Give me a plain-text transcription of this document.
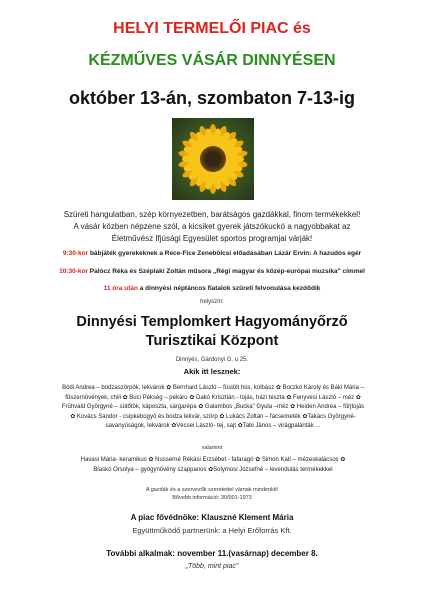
HELYI TERMELŐI PIAC és
KÉZMŰVES VÁSÁR DINNYÉSEN
október 13-án, szombaton 7-13-ig
Szüreti hangulatban, szép környezetben, barátságos gazdákkal, finom termékekkel!
A vásár közben népzene szól, a kicsiket gyerek játszókuckó a nagyobbakat az
Életművész Ifjúsági Egyesület sportos programjai várják!
9:30-kor bábjáték gyerekeknek a Rece-Fice Zenebölcsi előadásában Lázár Ervin: A hazudós egér
10:30-kor Palócz Réka és Széplaki Zoltán műsora „Régi magyar és közép-európai muzsika" címmel
11 óra után a dinnyési néptáncos fiatalok szüreti felvonulása kezdődik
helyszín:
Dinnyési Templomkert Hagyományőrző
Turisztikai Központ
Dinnyés, Gárdonyi G. u 25.
Akik itt lesznek:
Bódi Andrea – bodzaszörpök, lekvárok ✿ Bernhard László – füstölt hús, kolbász ✿ Boczkó Károly és Báki Mária –
fűszernövények, chili ✿ Buci Pékség – pékáru ✿ Dakó Krisztián - tojás, házi tészta ✿ Fenyvesi László – méz ✿
Frühvald Györgyné – sütőtök, káposzta, sárgarépa ✿ Galambos „Bucka" Gyula –méz ✿ Heiden Andrea – fűrjtojás
✿ Kovács Sándor - csipkebogyó és bodza lekvár, szörp ✿ Lukács Zoltán – facsemeték ✿Takács Györgyné-
savanyúságok, lekvárok ✿Vécsei László- tej, sajt ✿Tabi János – virágpalánták ...
valamint
Havasi Mária- keramikus ✿ Nusserné Rékási Erzsébet - fafaragó ✿ Simon Kati – mézeskalácsos ✿
Blaskó Orsolya – gyógynövény szappanos ✿Solymosi Józsefné – levendulás termékekkel
A gazdák és a szervezők szeretettel várnak mindenkit!
Bővebb információ: 30/901-1973
A piac fővédnöke: Klauszné Klement Mária
Együttműködő partnerünk: a Helyi Erőforrás Kft.
További alkalmak: november 11.(vasárnap) december 8.
„Több, mint piac"
